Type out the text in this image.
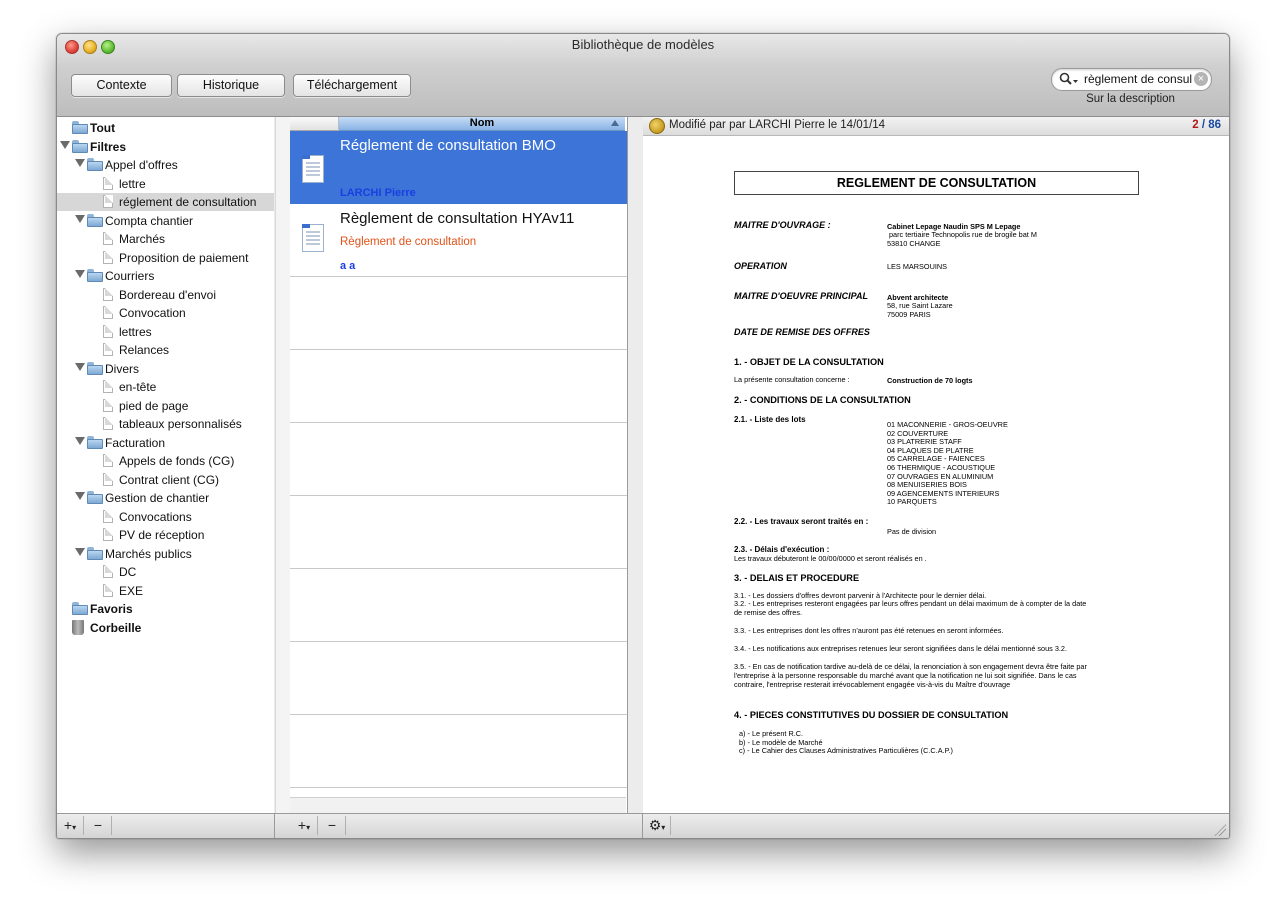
Bibliothèque de modèles
Contexte	Historique	Téléchargement
règlement de consulta	×
Sur la description
Tout
Filtres
Appel d'offres
lettre
réglement de consultation
Compta chantier
Marchés
Proposition de paiement
Courriers
Bordereau d'envoi
Convocation
lettres
Relances
Divers
en-tête
pied de page
tableaux personnalisés
Facturation
Appels de fonds (CG)
Contrat client (CG)
Gestion de chantier
Convocations
PV de réception
Marchés publics
DC
EXE
Favoris
Corbeille
Nom
Réglement de consultation BMO
LARCHI Pierre
Règlement de consultation HYAv11
Règlement de consultation
a a
Modifié par par LARCHI Pierre le 14/01/14	2 / 86
REGLEMENT DE CONSULTATION
MAITRE D'OUVRAGE :	Cabinet Lepage Naudin SPS M Lepage
parc tertiaire Technopolis rue de brogile bat M
53810 CHANGE
OPERATION	LES MARSOUINS
MAITRE D'OEUVRE PRINCIPAL	Abvent architecte
58, rue Saint Lazare
75009 PARIS
DATE DE REMISE DES OFFRES
1. - OBJET DE LA CONSULTATION
La présente consultation concerne :	Construction de 70 logts
2. - CONDITIONS DE LA CONSULTATION
2.1. - Liste des lots
01 MACONNERIE - GROS-OEUVRE
02 COUVERTURE
03 PLATRERIE STAFF
04 PLAQUES DE PLATRE
05 CARRELAGE - FAIENCES
06 THERMIQUE - ACOUSTIQUE
07 OUVRAGES EN ALUMINIUM
08 MENUISERIES BOIS
09 AGENCEMENTS INTERIEURS
10 PARQUETS
2.2. - Les travaux seront traités en :
Pas de division
2.3. - Délais d'exécution :
Les travaux débuteront le 00/00/0000 et seront réalisés en .
3. - DELAIS ET PROCEDURE
3.1. - Les dossiers d'offres devront parvenir à l'Architecte pour le dernier délai.
3.2. - Les entreprises resteront engagées par leurs offres pendant un délai maximum de à compter de la date
de remise des offres.
3.3. - Les entreprises dont les offres n'auront pas été retenues en seront informées.
3.4. - Les notifications aux entreprises retenues leur seront signifiées dans le délai mentionné sous 3.2.
3.5. - En cas de notification tardive au-delà de ce délai, la renonciation à son engagement devra être faite par
l'entreprise à la personne responsable du marché avant que la notification ne lui soit signifiée. Dans le cas
contraire, l'entreprise resterait irrévocablement engagée vis-à-vis du Maître d'ouvrage
4. - PIECES CONSTITUTIVES DU DOSSIER DE CONSULTATION
a) - Le présent R.C.
b) - Le modèle de Marché
c) - Le Cahier des Clauses Administratives Particulières (C.C.A.P.)
+▾	−	+▾	−	⚙▾
